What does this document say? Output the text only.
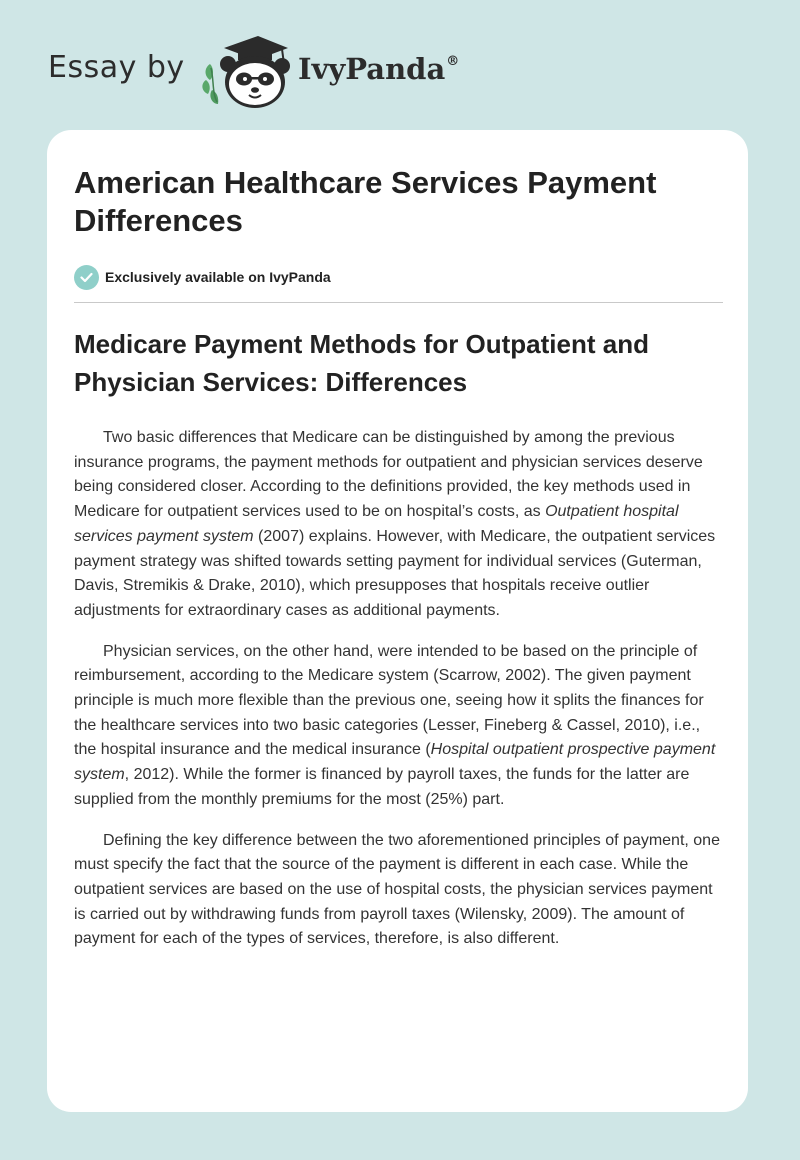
Essay by	IvyPanda®
American Healthcare Services Payment Differences
Exclusively available on IvyPanda
Medicare Payment Methods for Outpatient and Physician Services: Differences

Two basic differences that Medicare can be distinguished by among the previous insurance programs, the payment methods for outpatient and physician services deserve being considered closer. According to the definitions provided, the key methods used in Medicare for outpatient services used to be on hospital’s costs, as Outpatient hospital services payment system (2007) explains. However, with Medicare, the outpatient services payment strategy was shifted towards setting payment for individual services (Guterman, Davis, Stremikis & Drake, 2010), which presupposes that hospitals receive outlier adjustments for extraordinary cases as additional payments.

Physician services, on the other hand, were intended to be based on the principle of reimbursement, according to the Medicare system (Scarrow, 2002). The given payment principle is much more flexible than the previous one, seeing how it splits the finances for the healthcare services into two basic categories (Lesser, Fineberg & Cassel, 2010), i.e., the hospital insurance and the medical insurance (Hospital outpatient prospective payment system, 2012). While the former is financed by payroll taxes, the funds for the latter are supplied from the monthly premiums for the most (25%) part.

Defining the key difference between the two aforementioned principles of payment, one must specify the fact that the source of the payment is different in each case. While the outpatient services are based on the use of hospital costs, the physician services payment is carried out by withdrawing funds from payroll taxes (Wilensky, 2009). The amount of payment for each of the types of services, therefore, is also different.
